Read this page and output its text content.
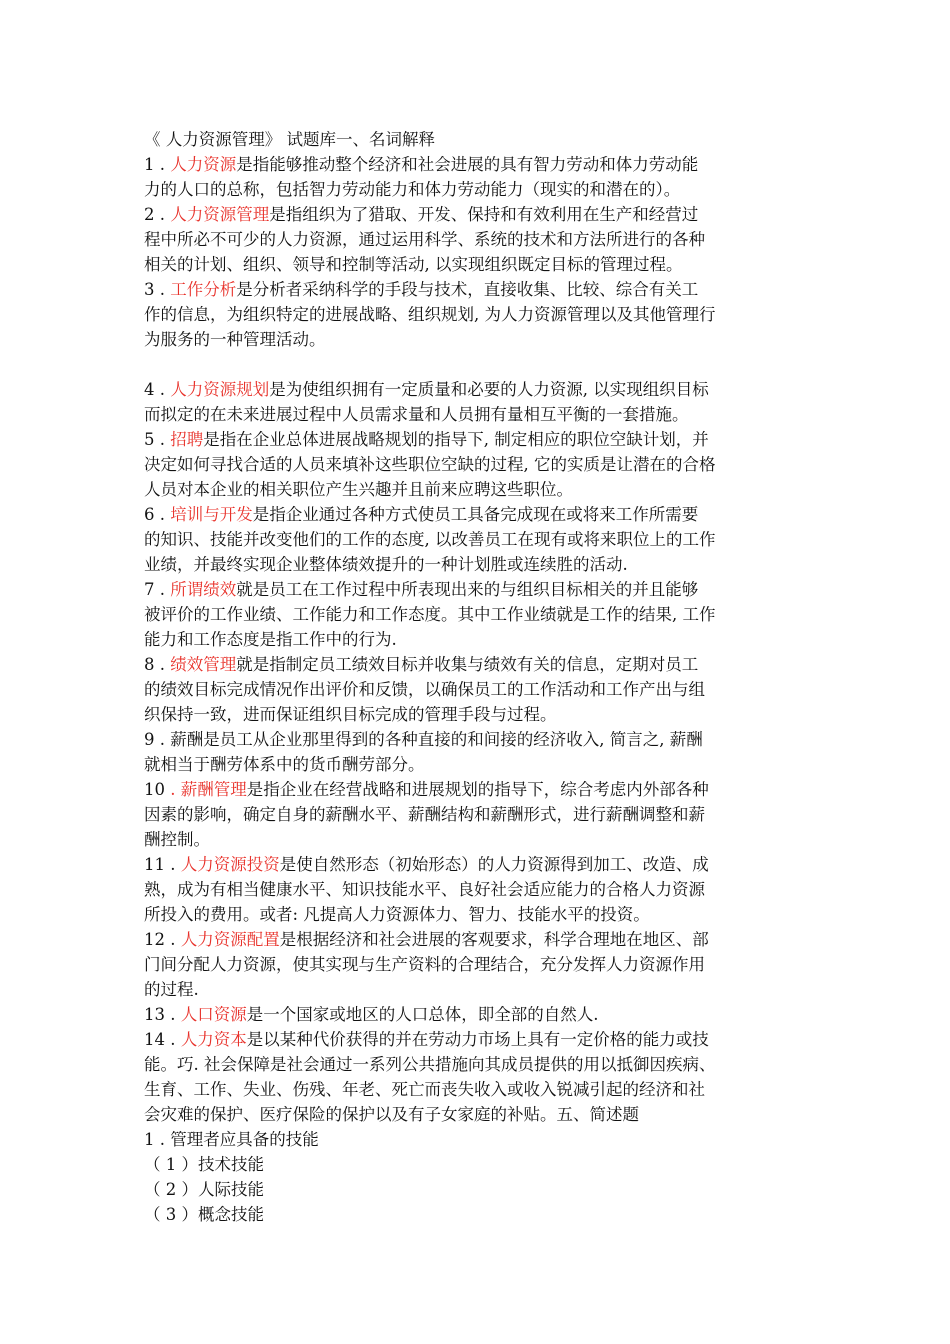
《 人力资源管理》 试题库一、名词解释
1 . 人力资源是指能够推动整个经济和社会进展的具有智力劳动和体力劳动能
力的人口的总称，包括智力劳动能力和体力劳动能力（现实的和潜在的）。
2 . 人力资源管理是指组织为了猎取、开发、保持和有效利用在生产和经营过
程中所必不可少的人力资源，通过运用科学、系统的技术和方法所进行的各种
相关的计划、组织、领导和控制等活动, 以实现组织既定目标的管理过程。
3 . 工作分析是分析者采纳科学的手段与技术，直接收集、比较、综合有关工
作的信息，为组织特定的进展战略、组织规划, 为人力资源管理以及其他管理行
为服务的一种管理活动。
4 . 人力资源规划是为使组织拥有一定质量和必要的人力资源, 以实现组织目标
而拟定的在未来进展过程中人员需求量和人员拥有量相互平衡的一套措施。
5 . 招聘是指在企业总体进展战略规划的指导下, 制定相应的职位空缺计划，并
决定如何寻找合适的人员来填补这些职位空缺的过程, 它的实质是让潜在的合格
人员对本企业的相关职位产生兴趣并且前来应聘这些职位。
6 . 培训与开发是指企业通过各种方式使员工具备完成现在或将来工作所需要
的知识、技能并改变他们的工作的态度, 以改善员工在现有或将来职位上的工作
业绩，并最终实现企业整体绩效提升的一种计划胜或连续胜的活动.
7 . 所谓绩效就是员工在工作过程中所表现出来的与组织目标相关的并且能够
被评价的工作业绩、工作能力和工作态度。其中工作业绩就是工作的结果, 工作
能力和工作态度是指工作中的行为.
8 . 绩效管理就是指制定员工绩效目标并收集与绩效有关的信息，定期对员工
的绩效目标完成情况作出评价和反馈，以确保员工的工作活动和工作产出与组
织保持一致，进而保证组织目标完成的管理手段与过程。
9 . 薪酬是员工从企业那里得到的各种直接的和间接的经济收入, 简言之, 薪酬
就相当于酬劳体系中的货币酬劳部分。
10 . 薪酬管理是指企业在经营战略和进展规划的指导下，综合考虑内外部各种
因素的影响，确定自身的薪酬水平、薪酬结构和薪酬形式，进行薪酬调整和薪
酬控制。
11 . 人力资源投资是使自然形态（初始形态）的人力资源得到加工、改造、成
熟，成为有相当健康水平、知识技能水平、良好社会适应能力的合格人力资源
所投入的费用。或者: 凡提高人力资源体力、智力、技能水平的投资。
12 . 人力资源配置是根据经济和社会进展的客观要求，科学合理地在地区、部
门间分配人力资源，使其实现与生产资料的合理结合，充分发挥人力资源作用
的过程.
13 . 人口资源是一个国家或地区的人口总体，即全部的自然人.
14 . 人力资本是以某种代价获得的并在劳动力市场上具有一定价格的能力或技
能。巧. 社会保障是社会通过一系列公共措施向其成员提供的用以抵御因疾病、
生育、工作、失业、伤残、年老、死亡而丧失收入或收入锐减引起的经济和社
会灾难的保护、医疗保险的保护以及有子女家庭的补贴。五、简述题
1 . 管理者应具备的技能
（ 1 ）技术技能
（ 2 ）人际技能
（ 3 ）概念技能
